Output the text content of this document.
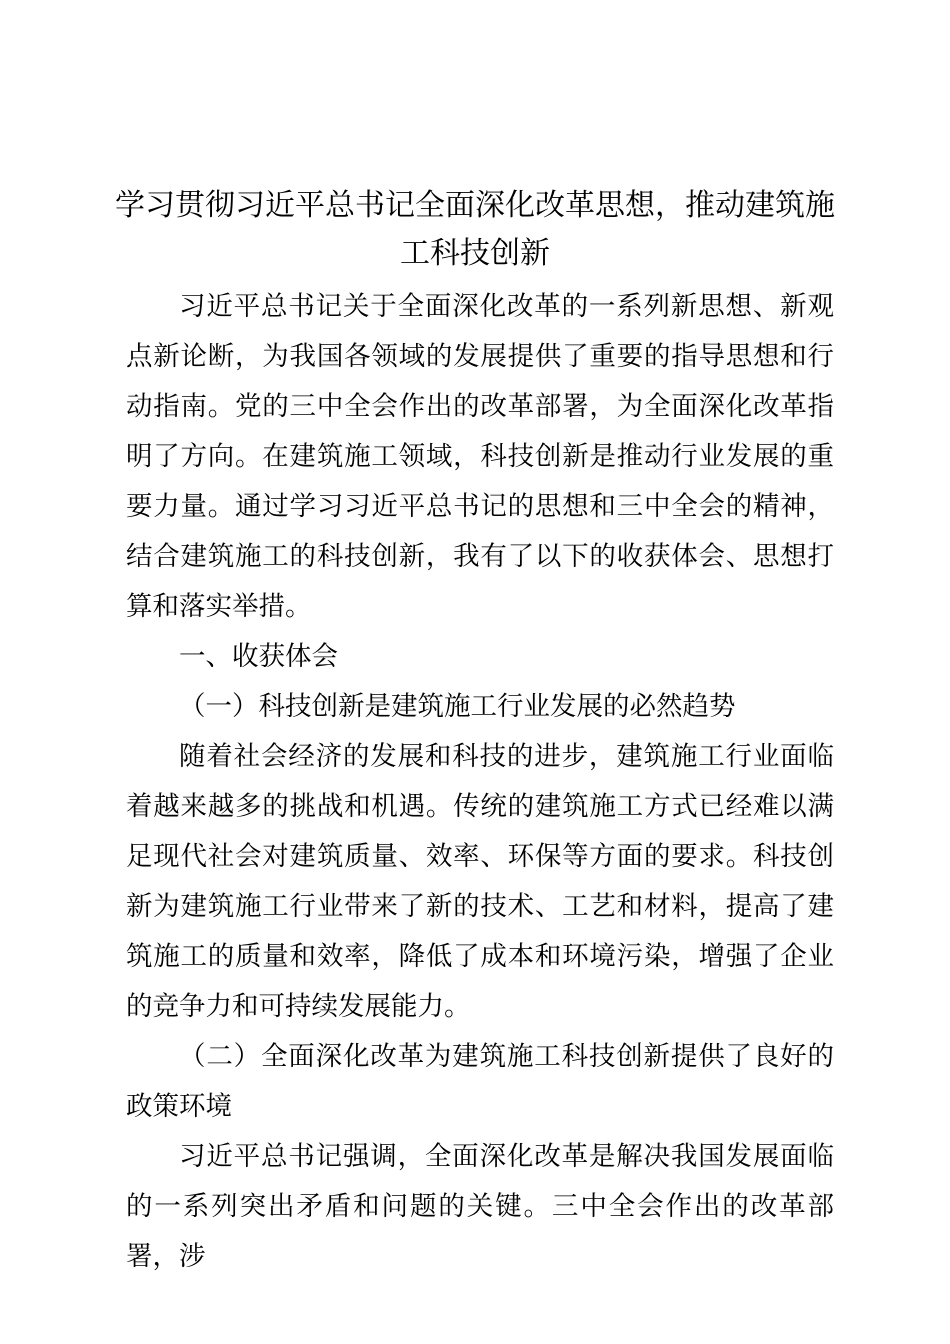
学习贯彻习近平总书记全面深化改革思想，推动建筑施工科技创新

习近平总书记关于全面深化改革的一系列新思想、新观点新论断，为我国各领域的发展提供了重要的指导思想和行动指南。党的三中全会作出的改革部署，为全面深化改革指明了方向。在建筑施工领域，科技创新是推动行业发展的重要力量。通过学习习近平总书记的思想和三中全会的精神，结合建筑施工的科技创新，我有了以下的收获体会、思想打算和落实举措。

一、收获体会

（一）科技创新是建筑施工行业发展的必然趋势

随着社会经济的发展和科技的进步，建筑施工行业面临着越来越多的挑战和机遇。传统的建筑施工方式已经难以满足现代社会对建筑质量、效率、环保等方面的要求。科技创新为建筑施工行业带来了新的技术、工艺和材料，提高了建筑施工的质量和效率，降低了成本和环境污染，增强了企业的竞争力和可持续发展能力。

（二）全面深化改革为建筑施工科技创新提供了良好的政策环境

习近平总书记强调，全面深化改革是解决我国发展面临的一系列突出矛盾和问题的关键。三中全会作出的改革部署，涉
